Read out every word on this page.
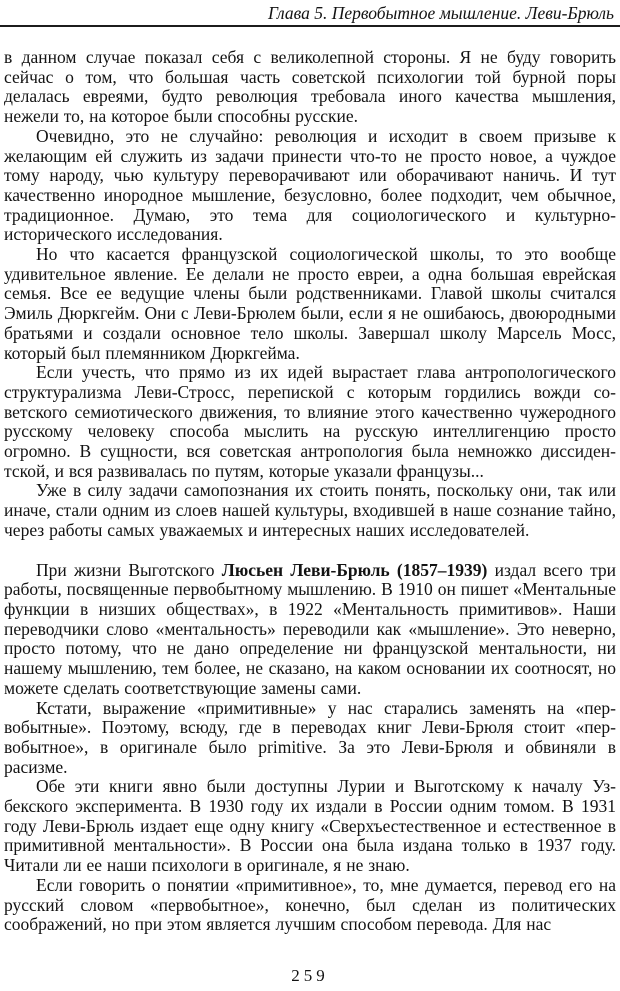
Глава 5. Первобытное мышление. Леви-Брюль

в данном случае показал себя с великолепной стороны. Я не буду говорить сейчас о том, что большая часть советской психологии той бурной поры делалась евреями, будто революция требовала иного качества мышления, нежели то, на которое были способны русские.

Очевидно, это не случайно: революция и исходит в своем призыве к желающим ей служить из задачи принести что-то не просто новое, а чуждое тому народу, чью культуру переворачивают или оборачивают наничь. И тут качественно инородное мышление, безусловно, более подходит, чем обычное, традиционное. Думаю, это тема для социологического и культурно-исторического исследования.

Но что касается французской социологической школы, то это вообще удивительное явление. Ее делали не просто евреи, а одна большая еврейская семья. Все ее ведущие члены были родственниками. Главой школы считался Эмиль Дюркгейм. Они с Леви-Брюлем были, если я не ошибаюсь, двоюродными братьями и создали основное тело школы. Завершал школу Марсель Мосс, который был племянником Дюркгейма.

Если учесть, что прямо из их идей вырастает глава антропологического структурализма Леви-Стросс, перепиской с которым гордились вожди советского семиотического движения, то влияние этого качественно чужеродного русскому человеку способа мыслить на русскую интеллигенцию просто огромно. В сущности, вся советская антропология была немножко диссидентской, и вся развивалась по путям, которые указали французы...

Уже в силу задачи самопознания их стоить понять, поскольку они, так или иначе, стали одним из слоев нашей культуры, входившей в наше сознание тайно, через работы самых уважаемых и интересных наших исследователей.

При жизни Выготского Люсьен Леви-Брюль (1857–1939) издал всего три работы, посвященные первобытному мышлению. В 1910 он пишет «Ментальные функции в низших обществах», в 1922 «Ментальность примитивов». Наши переводчики слово «ментальность» переводили как «мышление». Это неверно, просто потому, что не дано определение ни французской ментальности, ни нашему мышлению, тем более, не сказано, на каком основании их соотносят, но можете сделать соответствующие замены сами.

Кстати, выражение «примитивные» у нас старались заменять на «первобытные». Поэтому, всюду, где в переводах книг Леви-Брюля стоит «первобытное», в оригинале было primitive. За это Леви-Брюля и обвиняли в расизме.

Обе эти книги явно были доступны Лурии и Выготскому к началу Узбекского эксперимента. В 1930 году их издали в России одним томом. В 1931 году Леви-Брюль издает еще одну книгу «Сверхъестественное и естественное в примитивной ментальности». В России она была издана только в 1937 году. Читали ли ее наши психологи в оригинале, я не знаю.

Если говорить о понятии «примитивное», то, мне думается, перевод его на русский словом «первобытное», конечно, был сделан из политических соображений, но при этом является лучшим способом перевода. Для нас

259
